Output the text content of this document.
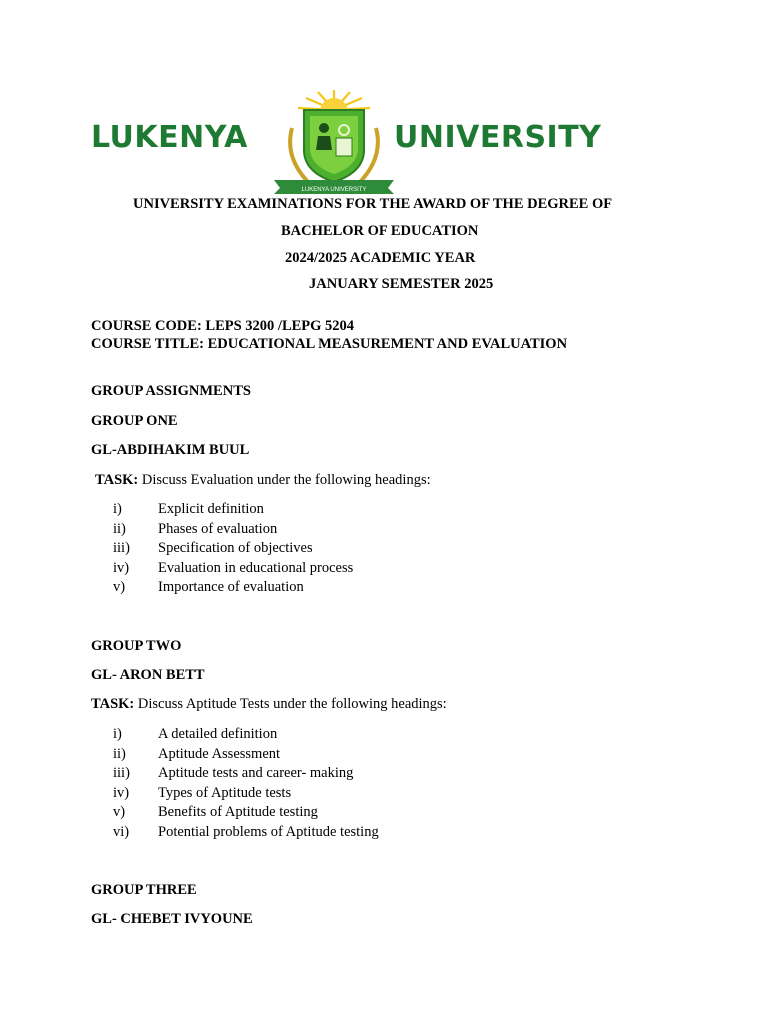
LUKENYA
LUKENYA UNIVERSITY
UNIVERSITY
UNIVERSITY EXAMINATIONS FOR THE AWARD OF THE DEGREE OF
BACHELOR OF EDUCATION
2024/2025 ACADEMIC YEAR
JANUARY SEMESTER 2025
COURSE CODE: LEPS 3200 /LEPG 5204
COURSE TITLE: EDUCATIONAL MEASUREMENT AND EVALUATION
GROUP ASSIGNMENTS
GROUP ONE
GL-ABDIHAKIM BUUL
TASK: Discuss Evaluation under the following headings:
i) Explicit definition
ii) Phases of evaluation
iii) Specification of objectives
iv) Evaluation in educational process
v) Importance of evaluation
GROUP TWO
GL- ARON BETT
TASK: Discuss Aptitude Tests under the following headings:
i) A detailed definition
ii) Aptitude Assessment
iii) Aptitude tests and career- making
iv) Types of Aptitude tests
v) Benefits of Aptitude testing
vi) Potential problems of Aptitude testing
GROUP THREE
GL- CHEBET IVYOUNE
